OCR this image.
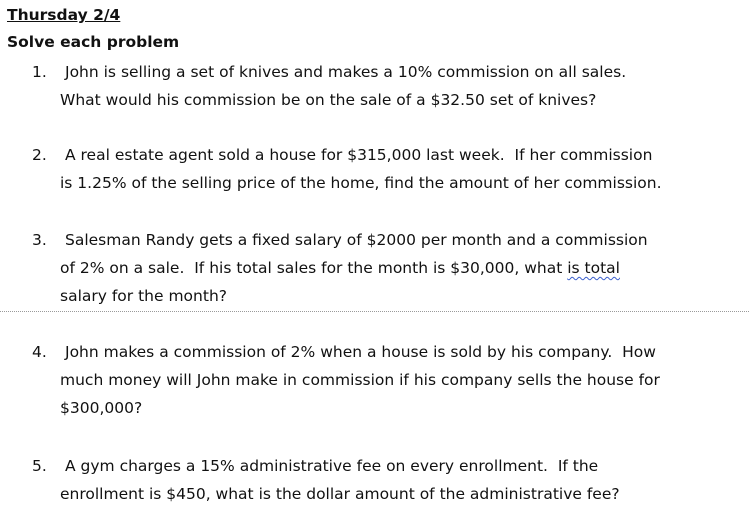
Thursday 2/4
Solve each problem
1. John is selling a set of knives and makes a 10% commission on all sales.
What would his commission be on the sale of a $32.50 set of knives?
2. A real estate agent sold a house for $315,000 last week.  If her commission
is 1.25% of the selling price of the home, find the amount of her commission.
3. Salesman Randy gets a fixed salary of $2000 per month and a commission
of 2% on a sale.  If his total sales for the month is $30,000, what is total
salary for the month?
4. John makes a commission of 2% when a house is sold by his company.  How
much money will John make in commission if his company sells the house for
$300,000?
5. A gym charges a 15% administrative fee on every enrollment.  If the
enrollment is $450, what is the dollar amount of the administrative fee?
